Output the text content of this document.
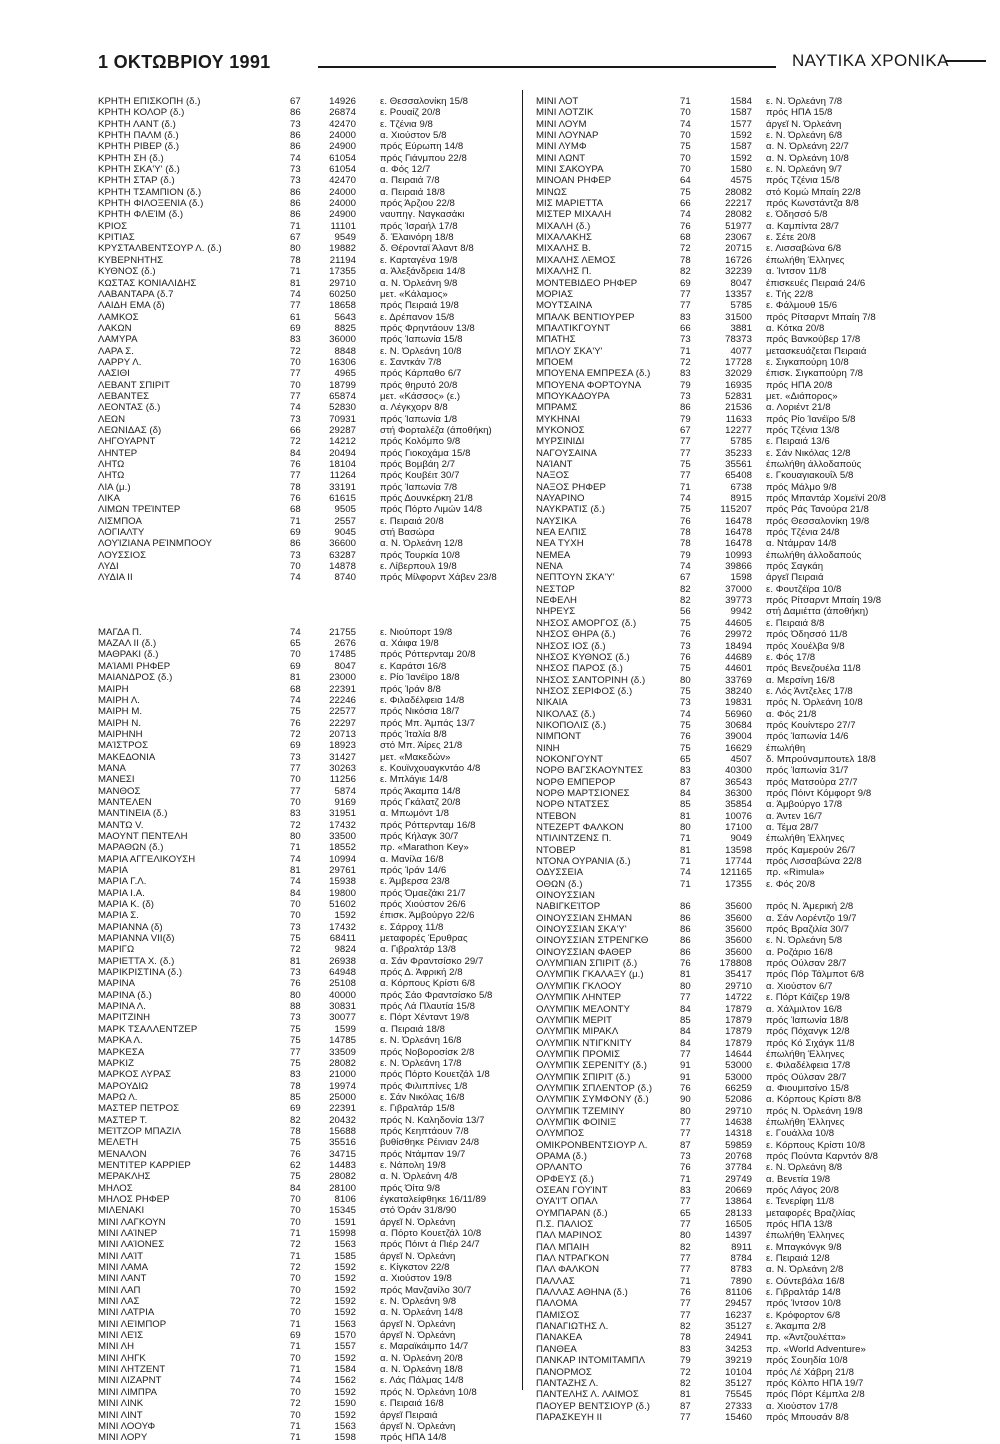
1 ΟΚΤΩΒΡΙΟΥ 1991	ΝΑΥΤΙΚΑ ΧΡΟΝΙΚΑ
ΚΡΗΤΗ ΕΠΙΣΚΟΠΗ (δ.)	67	14926	ε. Θεσσαλονίκη 15/8
ΚΡΗΤΗ ΚΟΛΟΡ (δ.)	86	26874	ε. Ρουαίζ 20/8
ΚΡΗΤΗ ΛΑΝΤ (δ.)	73	42470	ε. Τζένια 9/8
ΚΡΗΤΗ ΠΑΛΜ (δ.)	86	24000	α. Χιούστον 5/8
ΚΡΗΤΗ ΡΙΒΕΡ (δ.)	86	24900	πρός Εύρωπη 14/8
ΚΡΗΤΗ ΣΗ (δ.)	74	61054	πρός Γιάνμπου 22/8
ΚΡΗΤΗ ΣΚΑ'Υ' (δ.)	73	61054	α. Φός 12/7
ΚΡΗΤΗ ΣΤΑΡ (δ.)	73	42470	α. Πειραιά 7/8
ΚΡΗΤΗ ΤΣΑΜΠΙΟΝ (δ.)	86	24000	α. Πειραιά 18/8
ΚΡΗΤΗ ΦΙΛΟΞΕΝΙΑ (δ.)	86	24000	πρός Άρζιου 22/8
ΚΡΗΤΗ ΦΛΕΊΜ (δ.)	86	24900	ναυπηγ. Ναγκασάκι
ΚΡΙΟΣ	71	11101	πρός Ίσραήλ 17/8
ΚΡΙΤΙΑΣ	67	9549	δ. Έλαινόρη 18/8
ΚΡΥΣΤΑΛΒΕΝΤΣΟΥΡ Λ. (δ.)	80	19882	δ. Θέρονταϊ Άλαντ 8/8
ΚΥΒΕΡΝΗΤΗΣ	78	21194	ε. Καρταγένα 19/8
ΚΥΘΝΟΣ (δ.)	71	17355	α. Άλεξάνδρεια 14/8
ΚΩΣΤΑΣ ΚΟΝΙΑΛΙΔΗΣ	81	29710	α. Ν. Όρλεάνη 9/8
ΛΑΒΑΝΤΑΡΑ (δ.7	74	60250	μετ. «Κάλαμος»
ΛΑΙΔΗ ΕΜΑ (δ)	77	18658	πρός Πειραιά 19/8
ΛΑΜΚΟΣ	61	5643	ε. Δρέπανον 15/8
ΛΑΚΩΝ	69	8825	πρός Φρηντάουν 13/8
ΛΑΜΥΡΑ	83	36000	πρός Ίαπωνία 15/8
ΛΑΡΑ Σ.	72	8848	ε. Ν. Όρλεάνη 10/8
ΛΑΡΡΥ Λ.	70	16306	ε. Σαντκάν 7/8
ΛΑΣΙΘΙ	77	4965	πρός Κάρπαθο 6/7
ΛΕΒΑΝΤ ΣΠΙΡΙΤ	70	18799	πρός θηρυτό 20/8
ΛΕΒΑΝΤΕΣ	77	65874	μετ. «Κάσσος» (ε.)
ΛΕΟΝΤΑΣ (δ.)	74	52830	α. Λέγκχορν 8/8
ΛΕΩΝ	73	70931	πρός Ίαπωνία 1/8
ΛΕΩΝΙΔΑΣ (δ)	66	29287	στή Φορταλέζα (άποθήκη)
ΛΗΓΟΥΑΡΝΤ	72	14212	πρός Κολόμπο 9/8
ΛΗΝΤΕΡ	84	20494	πρός Γιοκοχάμα 15/8
ΛΗΤΩ	76	18104	πρός Βομβάη 2/7
ΛΗΤΩ	77	11264	πρός Κουβέιτ 30/7
ΛΙΑ (μ.)	78	33191	πρός Ίαπωνία 7/8
ΛΙΚΑ	76	61615	πρός Δουνκέρκη 21/8
ΛΙΜΩΝ ΤΡΕΊΝΤΕΡ	68	9505	πρός Πόρτο Λιμών 14/8
ΛΙΣΜΠΟΑ	71	2557	ε. Πειραιά 20/8
ΛΟΓΙΑΛΤΥ	69	9045	στή Βασώρα
ΛΟΥΊΖΙΑΝΑ ΡΕΊΝΜΠΟΟΥ	86	36600	α. Ν. Όρλεάνη 12/8
ΛΟΥΣΣΙΟΣ	73	63287	πρός Τουρκία 10/8
ΛΥΔΙ	70	14878	ε. Λίβερπουλ 19/8
ΛΥΔΙΑ ΙΙ	74	8740	πρός Μίλφορντ Χάβεν 23/8
ΜΑΓΔΑ Π.	74	21755	ε. Νιούπορτ 19/8
ΜΑΖΑΛ ΙΙ (δ.)	65	2676	α. Χάιφα 19/8
ΜΑΘΡΑΚΙ (δ.)	70	17485	πρός Ρόττερνταμ 20/8
ΜΑΊΑΜΙ ΡΗΦΕΡ	69	8047	ε. Καράτσι 16/8
ΜΑΙΑΝΔΡΟΣ (δ.)	81	23000	ε. Ρίο Ίανέϊρο 18/8
ΜΑΙΡΗ	68	22391	πρός Ίράν 8/8
ΜΑΙΡΗ Λ.	74	22246	ε. Φιλαδέλφεια 14/8
ΜΑΙΡΗ Μ.	75	22577	πρός Νικόσια 18/7
ΜΑΙΡΗ Ν.	76	22297	πρός Μπ. Άμπάς 13/7
ΜΑΙΡΗΝΗ	72	20713	πρός Ίταλία 8/8
ΜΑΊΣΤΡΟΣ	69	18923	στό Μπ. Άίρες 21/8
ΜΑΚΕΔΟΝΙΑ	73	31427	μετ. «Μακεδών»
ΜΑΝΑ	77	30263	ε. Κουϊνχουαγκντάο 4/8
ΜΑΝΕΣΙ	70	11256	ε. Μπλάγιε 14/8
ΜΑΝΘΟΣ	77	5874	πρός Άκαμπα 14/8
ΜΑΝΤΕΛΕΝ	70	9169	πρός Γκάλατζ 20/8
ΜΑΝΤΙΝΕΙΑ (δ.)	83	31951	α. Μπωμόντ 1/8
ΜΑΝΤΩ V.	72	17432	πρός Ρόττερνταμ 16/8
ΜΑΟΥΝΤ ΠΕΝΤΕΛΗ	80	33500	πρός Κήλαγκ 30/7
ΜΑΡΑΘΩΝ (δ.)	71	18552	πρ. «Marathon Key»
ΜΑΡΙΑ ΑΓΓΕΛΙΚΟΥΣΗ	74	10994	α. Μανίλα 16/8
ΜΑΡΙΑ	81	29761	πρός Ίράν 14/6
ΜΑΡΙΑ Γ.Λ.	74	15938	ε. Άμβερσα 23/8
ΜΑΡΙΑ Ι.Α.	84	19800	πρός Όμαεζάκι 21/7
ΜΑΡΙΑ Κ. (δ)	70	51602	πρός Χιούστον 26/6
ΜΑΡΙΑ Σ.	70	1592	έπισκ. Άμβούργο 22/6
ΜΑΡΙΑΝΝΑ (δ)	73	17432	ε. Σάρροχ 11/8
ΜΑΡΙΑΝΝΑ VII(δ)	75	68411	μεταφορές Έρυθρας
ΜΑΡΙΓΩ	72	9824	α. Γιβραλτάρ 13/8
ΜΑΡΙΕΤΤΑ Χ. (δ.)	81	26938	α. Σάν Φραντσίσκο 29/7
ΜΑΡΙΚΡΙΣΤΙΝΑ (δ.)	73	64948	πρός Δ. Άφρική 2/8
ΜΑΡΙΝΑ	76	25108	α. Κόρπους Κρίστι 6/8
ΜΑΡΙΝΑ (δ.)	80	40000	πρός Σάο Φραντσίσκο 5/8
ΜΑΡΙΝΑ Λ.	88	30831	πρός Λά Πλαυτία 15/8
ΜΑΡΙΤΖΙΝΗ	73	30077	ε. Πόρτ Χένταντ 19/8
ΜΑΡΚ ΤΣΑΛΛΕΝΤΖΕΡ	75	1599	α. Πειραιά 18/8
ΜΑΡΚΑ Λ.	75	14785	ε. Ν. Όρλεάνη 16/8
ΜΑΡΚΕΣΑ	77	33509	πρός Νοβοροσίσκ 2/8
ΜΑΡΚΙΖ	75	28082	ε. Ν. Όρλεάνη 17/8
ΜΑΡΚΟΣ ΛΥΡΑΣ	83	21000	πρός Πόρτο Κουετζάλ 1/8
ΜΑΡΟΥΔΙΩ	78	19974	πρός Φιλιππίνες 1/8
ΜΑΡΩ Λ.	85	25000	ε. Σάν Νικόλας 16/8
ΜΑΣΤΕΡ ΠΕΤΡΟΣ	69	22391	ε. Γιβραλτάρ 15/8
ΜΑΣΤΕΡ Τ.	82	20432	πρός Ν. Καληδονία 13/7
ΜΕΊΤΖΟΡ ΜΠΑΖΙΛ	78	15688	πρός Κεηπτάουν 7/8
ΜΕΛΕΤΗ	75	35516	βυθίσθηκε Ρέινιαν 24/8
ΜΕΝΑΛΟΝ	76	34715	πρός Ντάμπαν 19/7
ΜΕΝΤΙΤΕΡ ΚΑΡΡΙΕΡ	62	14483	ε. Νάπολη 19/8
ΜΕΡΑΚΛΗΣ	75	28082	α. Ν. Όρλεάνη 4/8
ΜΗΛΟΣ	84	28100	πρός Όίτα 9/8
ΜΗΛΟΣ ΡΗΦΕΡ	70	8106	έγκαταλείφθηκε 16/11/89
ΜΙΛΕΝΑΚΙ	70	15345	στό Όράν 31/8/90
ΜΙΝΙ ΛΑΓΚΟΥΝ	70	1591	άργεῖ Ν. Όρλεάνη
ΜΙΝΙ ΛΑΊΝΕΡ	71	15998	α. Πόρτο Κουετζάλ 10/8
ΜΙΝΙ ΛΑΊΟΝΕΣ	72	1563	πρός Πόιντ ά Πιέρ 24/7
ΜΙΝΙ ΛΑΊΤ	71	1585	άργεῖ Ν. Όρλεάνη
ΜΙΝΙ ΛΑΜΑ	72	1592	ε. Κίγκστον 22/8
ΜΙΝΙ ΛΑΝΤ	70	1592	α. Χιούστον 19/8
ΜΙΝΙ ΛΑΠ	70	1592	πρός Μανζανίλο 30/7
ΜΙΝΙ ΛΑΣ	72	1592	ε. Ν. Όρλεάνη 9/8
ΜΙΝΙ ΛΑΤΡΙΑ	70	1592	α. Ν. Όρλεάνη 14/8
ΜΙΝΙ ΛΕΊΜΠΟΡ	71	1563	άργεῖ Ν. Όρλεάνη
ΜΙΝΙ ΛΕΊΣ	69	1570	άργεῖ Ν. Όρλεάνη
ΜΙΝΙ ΛΗ	71	1557	ε. Μαραϊκάιμπο 14/7
ΜΙΝΙ ΛΗΓΚ	70	1592	α. Ν. Όρλεάνη 20/8
ΜΙΝΙ ΛΗΤΖΕΝΤ	71	1584	α. Ν. Όρλεάνη 18/8
ΜΙΝΙ ΛΙΖΑΡΝΤ	74	1562	ε. Λάς Πάλμας 14/8
ΜΙΝΙ ΛΙΜΠΡΑ	70	1592	πρός Ν. Όρλεάνη 10/8
ΜΙΝΙ ΛΙΝΚ	72	1590	ε. Πειραιά 16/8
ΜΙΝΙ ΛΙΝΤ	70	1592	άργεῖ Πειραιά
ΜΙΝΙ ΛΟΟΥΦ	71	1563	άργεῖ Ν. Όρλεάνη
ΜΙΝΙ ΛΟΡΥ	71	1598	πρός ΗΠΑ 14/8
ΜΙΝΙ ΛΟΤ	71	1584 ε. Ν. Όρλεάνη 7/8
ΜΙΝΙ ΛΟΤΖΙΚ	70	1587 πρός ΗΠΑ 15/8
ΜΙΝΙ ΛΟΥΜ	74	1577 άργεῖ Ν. Όρλεάνη
ΜΙΝΙ ΛΟΥΝΑΡ	70	1592 ε. Ν. Όρλεάνη 6/8
ΜΙΝΙ ΛΥΜΦ	75	1587 α. Ν. Όρλεάνη 22/7
ΜΙΝΙ ΛΩΝΤ	70	1592 α. Ν. Όρλεάνη 10/8
ΜΙΝΙ ΣΑΚΟΥΡΑ	70	1580 ε. Ν. Όρλεάνη 9/7
ΜΙΝΟΑΝ ΡΗΦΕΡ	64	4575 πρός Τζένια 15/8
ΜΙΝΩΣ	75	28082 στό Κομώ Μπαίη 22/8
ΜΙΣ ΜΑΡΙΕΤΤΑ	66	22217 πρός Κωνστάντζα 8/8
ΜΙΣΤΕΡ ΜΙΧΑΛΗ	74	28082 ε. Όδησσό 5/8
ΜΙΧΑΛΗ (δ.)	76	51977 α. Καμπίντα 28/7
ΜΙΧΑΛΑΚΗΣ	68	23067 ε. Σέτε 20/8
ΜΙΧΑΛΗΣ Β.	72	20715 ε. Λισσαβώνα 6/8
ΜΙΧΑΛΗΣ ΛΕΜΟΣ	78	16726 έπωλήθη Έλληνες
ΜΙΧΑΛΗΣ Π.	82	32239 α. Ίντσον 11/8
ΜΟΝΤΕΒΙΔΕΟ ΡΗΦΕΡ	69	8047 έπισκευές Πειραιά 24/6
ΜΟΡΙΑΣ	77	13357 ε. Τής 22/8
ΜΟΥΤΣΑΙΝΑ	77	5785 ε. Φάλμουθ 15/6
ΜΠΑΛΚ ΒΕΝΤΙΟΥΡΕΡ	83	31500 πρός Ρίτσαρντ Μπαίη 7/8
ΜΠΑΛΤΙΚΓΟΥΝΤ	66	3881 α. Κότκα 20/8
ΜΠΑΤΗΣ	73	78373 πρός Βανκούβερ 17/8
ΜΠΛΟΥ ΣΚΑ'Υ'	71	4077 μετασκευάζεται Πειραιά
ΜΠΟΕΜ	72	17728 ε. Σιγκαπούρη 10/8
ΜΠΟΥΕΝΑ ΕΜΠΡΕΣΑ (δ.)	83	32029 έπισκ. Σιγκαπούρη 7/8
ΜΠΟΥΕΝΑ ΦΟΡΤΟΥΝΑ	79	16935 πρός ΗΠΑ 20/8
ΜΠΟΥΚΑΔΟΥΡΑ	73	52831 μετ. «Διάπορος»
ΜΠΡΑΜΣ	86	21536 α. Λοριέντ 21/8
ΜΥΚΗΝΑΙ	79	11633 πρός Ρίο Ίανέϊρο 5/8
ΜΥΚΟΝΟΣ	67	12277 πρός Τζένια 13/8
ΜΥΡΣΙΝΙΔΙ	77	5785 ε. Πειραιά 13/6
ΝΑΓΟΥΣΑΙΝΑ	77	35233 ε. Σάν Νικόλας 12/8
ΝΑΊΑΝΤ	75	35561 έπωλήθη άλλοδαπούς
ΝΑΞΟΣ	77	65408 ε. Γκουαγιακουΐλ 5/8
ΝΑΞΟΣ ΡΗΦΕΡ	71	6738 πρός Μάλμο 9/8
ΝΑΥΑΡΙΝΟ	74	8915 πρός Μπαντάρ Χομεϊνί 20/8
ΝΑΥΚΡΑΤΙΣ (δ.)	75	115207 πρός Ράς Τανούρα 21/8
ΝΑΥΣΙΚΑ	76	16478 πρός Θεσσαλονίκη 19/8
ΝΕΑ ΕΛΠΙΣ	78	16478 πρός Τζένια 24/8
ΝΕΑ ΤΥΧΗ	78	16478 α. Ντάμραν 14/8
ΝΕΜΕΑ	79	10993 έπωλήθη άλλοδαπούς
ΝΕΝΑ	74	39866 πρός Σαγκάη
ΝΕΠΤΟΥΝ ΣΚΑ'Υ'	67	1598 άργεῖ Πειραιά
ΝΕΣΤΩΡ	82	37000 ε. Φουτζέϊρα 10/8
ΝΕΦΕΛΗ	82	39773 πρός Ρίτσαρντ Μπαίη 19/8
ΝΗΡΕΥΣ	56	9942 στή Δαμιέττα (άποθήκη)
ΝΗΣΟΣ ΑΜΟΡΓΟΣ (δ.)	75	44605 ε. Πειραιά 8/8
ΝΗΣΟΣ ΘΗΡΑ (δ.)	76	29972 πρός Όδησσό 11/8
ΝΗΣΟΣ ΙΟΣ (δ.)	73	18494 πρός Χουέλβα 9/8
ΝΗΣΟΣ ΚΥΘΝΟΣ (δ.)	76	44689 ε. Φός 17/8
ΝΗΣΟΣ ΠΑΡΟΣ (δ.)	75	44601 πρός Βενεζουέλα 11/8
ΝΗΣΟΣ ΣΑΝΤΟΡΙΝΗ (δ.)	80	33769 α. Μερσίνη 16/8
ΝΗΣΟΣ ΣΕΡΙΦΟΣ (δ.)	75	38240 ε. Λός Άντζελες 17/8
ΝΙΚΑΙΑ	73	19831 πρός Ν. Όρλεάνη 10/8
ΝΙΚΟΛΑΣ (δ.)	74	56960 α. Φός 21/8
ΝΙΚΟΠΟΛΙΣ (δ.)	75	30684 πρός Κουίντερο 27/7
ΝΙΜΠΟΝΤ	76	39004 πρός Ίαπωνία 14/6
ΝΙΝΗ	75	16629 έπωλήθη
ΝΟΚΟΝΓΟΥΝΤ	65	4507 δ. Μπρούνσμπουτελ 18/8
ΝΟΡΘ ΒΑΓΣΚΑΟΥΝΤΕΣ	83	40300 πρός Ίαπωνία 31/7
ΝΟΡΘ ΕΜΠΕΡΟΡ	87	36543 πρός Ματσούρα 27/7
ΝΟΡΘ ΜΑΡΤΣΙΟΝΕΣ	84	36300 πρός Πόιντ Κόμφορτ 9/8
ΝΟΡΘ ΝΤΑΤΣΕΣ	85	35854 α. Άμβούργο 17/8
ΝΤΕΒΟΝ	81	10076 α. Άντεν 16/7
ΝΤΕΖΕΡΤ ΦΑΛΚΟΝ	80	17100 α. Τέμα 28/7
ΝΤΙΛΙΝΤΖΕΝΣ Π.	71	9049 έπωλήθη Έλληνες
ΝΤΟΒΕΡ	81	13598 πρός Καμερούν 26/7
ΝΤΟΝΑ ΟΥΡΑΝΙΑ (δ.)	71	17744 πρός Λισσαβώνα 22/8
ΟΔΥΣΣΕΙΑ	74	121165 πρ. «Rimula»
ΟΘΩΝ (δ.)	71	17355 ε. Φός 20/8
ΟΙΝΟΥΣΣΙΑΝ
ΝΑΒΙΓΚΕΊΤΟΡ	86	35600 πρός Ν. Άμερική 2/8
ΟΙΝΟΥΣΣΙΑΝ ΣΗΜΑΝ	86	35600 α. Σάν Λορέντζο 19/7
ΟΙΝΟΥΣΣΙΑΝ ΣΚΑ'Υ'	86	35600 πρός Βραζιλία 30/7
ΟΙΝΟΥΣΣΙΑΝ ΣΤΡΕΝΓΚΘ	86	35600 ε. Ν. Όρλεάνη 5/8
ΟΙΝΟΥΣΣΙΑΝ ΦΑΘΕΡ	86	35600 α. Ροζάριο 16/8
ΟΛΥΜΠΙΑΝ ΣΠΙΡΙΤ (δ.)	76	178808 πρός Ούλσαν 28/7
ΟΛΥΜΠΙΚ ΓΚΑΛΑΞΥ (μ.)	81	35417 πρός Πόρ Τάλμποτ 6/8
ΟΛΥΜΠΙΚ ΓΚΛΟΟΥ	80	29710 α. Χιούστον 6/7
ΟΛΥΜΠΙΚ ΛΗΝΤΕΡ	77	14722 ε. Πόρτ Κάϊζερ 19/8
ΟΛΥΜΠΙΚ ΜΕΛΟΝΤΥ	84	17879 α. Χάλμιλτον 16/8
ΟΛΥΜΠΙΚ ΜΕΡΙΤ	85	17879 πρός Ίαπωνία 18/8
ΟΛΥΜΠΙΚ ΜΙΡΑΚΛ	84	17879 πρός Πόχανγκ 12/8
ΟΛΥΜΠΙΚ ΝΤΙΓΚΝΙΤΥ	84	17879 πρός Κό Σιχάγκ 11/8
ΟΛΥΜΠΙΚ ΠΡΟΜΙΣ	77	14644 έπωλήθη Έλληνες
ΟΛΥΜΠΙΚ ΣΕΡΕΝΙΤΥ (δ.)	91	53000 ε. Φιλαδέλφεια 17/8
ΟΛΥΜΠΙΚ ΣΠΙΡΙΤ (δ.)	91	53000 πρός Ούλσαν 28/7
ΟΛΥΜΠΙΚ ΣΠΛΕΝΤΟΡ (δ.)	76	66259 α. Φιουμιτσίνο 15/8
ΟΛΥΜΠΙΚ ΣΥΜΦΟΝΥ (δ.)	90	52086 α. Κόρπους Κρίστι 8/8
ΟΛΥΜΠΙΚ ΤΖΕΜΙΝΥ	80	29710 πρός Ν. Όρλεάνη 19/8
ΟΛΥΜΠΙΚ ΦΟΙΝΙΞ	77	14638 έπωλήθη Έλληνες
ΟΛΥΜΠΟΣ	77	14318 ε. Γουάλλα 10/8
ΟΜΙΚΡΟΝΒΕΝΤΣΙΟΥΡ Λ.	87	59859 ε. Κόρπους Κρίστι 10/8
ΟΡΑΜΑ (δ.)	73	20768 πρός Πούντα Καρντόν 8/8
ΟΡΛΑΝΤΟ	76	37784 ε. Ν. Όρλεάνη 8/8
ΟΡΦΕΥΣ (δ.)	71	29749 α. Βενετία 19/8
ΟΣΕΑΝ ΓΟΥΊΝΤ	83	20669 πρός Λάγος 20/8
ΟΥΑ'Ι'Τ ΟΠΑΛ	77	13864 ε. Τενερίφη 11/8
ΟΥΜΠΑΡΑΝ (δ.)	65	28133 μεταφορές Βραζιλίας
Π.Σ. ΠΑΛΙΟΣ	77	16505 πρός ΗΠΑ 13/8
ΠΑΛ ΜΑΡΙΝΟΣ	80	14397 έπωλήθη Έλληνες
ΠΑΛ ΜΠΑΙΗ	82	8911 ε. Μπαγκόνγκ 9/8
ΠΑΛ ΝΤΡΑΓΚΟΝ	77	8784 ε. Πειραιά 12/8
ΠΑΛ ΦΑΛΚΟΝ	77	8783 α. Ν. Όρλεάνη 2/8
ΠΑΛΛΑΣ	71	7890 ε. Ούντεβάλα 16/8
ΠΑΛΛΑΣ ΑΘΗΝΑ (δ.)	76	81106 ε. Γιβραλτάρ 14/8
ΠΑΛΟΜΑ	77	29457 πρός Ίντσον 10/8
ΠΑΜΙΣΟΣ	77	16237 ε. Κρόφορτον 6/8
ΠΑΝΑΓΙΩΤΗΣ Λ.	82	35127 ε. Άκαμπα 2/8
ΠΑΝΑΚΕΑ	78	24941 πρ. «Άντζουλέττα»
ΠΑΝΘΕΑ	83	34253 πρ. «World Adventure»
ΠΑΝΚΑΡ ΙΝΤΟΜΙΤΑΜΠΛ	79	39219 πρός Σουηδία 10/8
ΠΑΝΟΡΜΟΣ	72	10104 πρός Λέ Χάβρη 21/8
ΠΑΝΤΑΖΗΣ Λ.	82	35127 πρός Κόλπο ΗΠΑ 19/7
ΠΑΝΤΕΛΗΣ Λ. ΛΑΙΜΟΣ	81	75545 πρός Πόρτ Κέμπλα 2/8
ΠΑΟΥΕΡ ΒΕΝΤΣΙΟΥΡ (δ.)	87	27333 α. Χιούστον 17/8
ΠΑΡΑΣΚΕΥΗ ΙΙ	77	15460 πρός Μπουσάν 8/8
